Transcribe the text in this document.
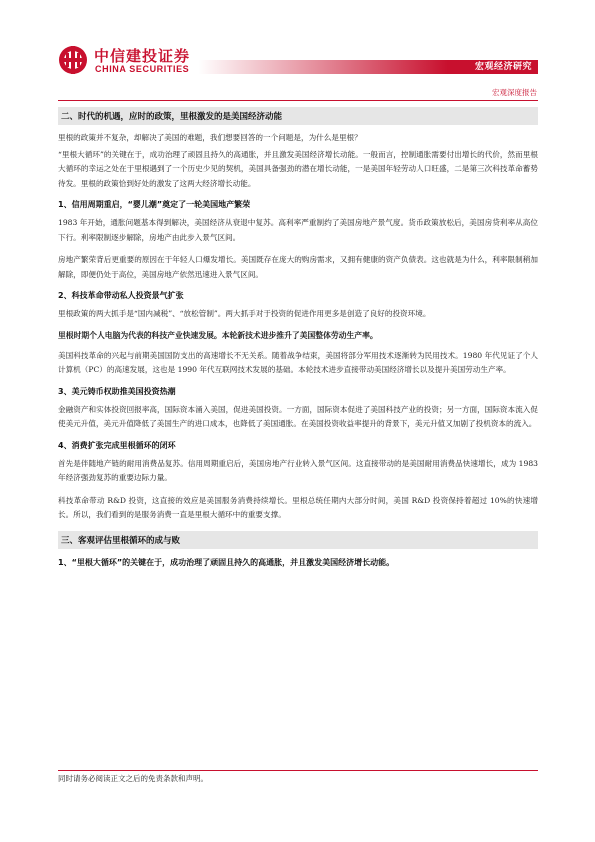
中信建投证券
CHINA SECURITIES	宏观经济研究
宏观深度报告
二、时代的机遇，应时的政策，里根激发的是美国经济动能

里根的政策并不复杂，却解决了美国的难题，我们想要回答的一个问题是，为什么是里根？

“里根大循环”的关键在于，成功治理了顽固且持久的高通胀，并且激发美国经济增长动能。一般而言，控制通胀需要付出增长的代价，然而里根大循环的幸运之处在于里根遇到了一个历史少见的契机，美国具备强劲的潜在增长动能，一是美国年轻劳动人口旺盛，二是第三次科技革命蓄势待发。里根的政策恰到好处的激发了这两大经济增长动能。

1、信用周期重启，“婴儿潮”奠定了一轮美国地产繁荣

1983 年开始，通胀问题基本得到解决，美国经济从衰退中复苏。高利率严重制约了美国房地产景气度。货币政策放松后，美国房贷利率从高位下行。利率限制逐步解除，房地产由此步入景气区间。

房地产繁荣背后更重要的原因在于年轻人口爆发增长。美国既存在庞大的购房需求，又拥有健康的资产负债表。这也就是为什么，利率限制稍加解除，即便仍处于高位，美国房地产依然迅速进入景气区间。

2、科技革命带动私人投资景气扩张

里根政策的两大抓手是“国内减税”、“放松管制”。两大抓手对于投资的促进作用更多是创造了良好的投资环境。

里根时期个人电脑为代表的科技产业快速发展。本轮新技术进步推升了美国整体劳动生产率。

美国科技革命的兴起与前期美国国防支出的高速增长不无关系。随着战争结束，美国将部分军用技术逐渐转为民用技术。1980 年代见证了个人计算机（PC）的高速发展，这也是 1990 年代互联网技术发展的基础。本轮技术进步直接带动美国经济增长以及提升美国劳动生产率。

3、美元铸币权助推美国投资热潮

金融资产和实体投资回报率高，国际资本涌入美国，促进美国投资。一方面，国际资本促进了美国科技产业的投资；另一方面，国际资本流入促使美元升值，美元升值降低了美国生产的进口成本，也降低了美国通胀。在美国投资收益率提升的背景下，美元升值又加剧了投机资本的流入。

4、消费扩张完成里根循环的闭环

首先是伴随地产链的耐用消费品复苏。信用周期重启后，美国房地产行业转入景气区间。这直接带动的是美国耐用消费品快速增长，成为 1983 年经济强劲复苏的重要边际力量。

科技革命带动 R&D 投资，这直接的效应是美国服务消费持续增长。里根总统任期内大部分时间，美国 R&D 投资保持着超过 10%的快速增长。所以，我们看到的是服务消费一直是里根大循环中的重要支撑。

三、客观评估里根循环的成与败
1、“里根大循环”的关键在于，成功治理了顽固且持久的高通胀，并且激发美国经济增长动能。
同时请务必阅读正文之后的免责条款和声明。
